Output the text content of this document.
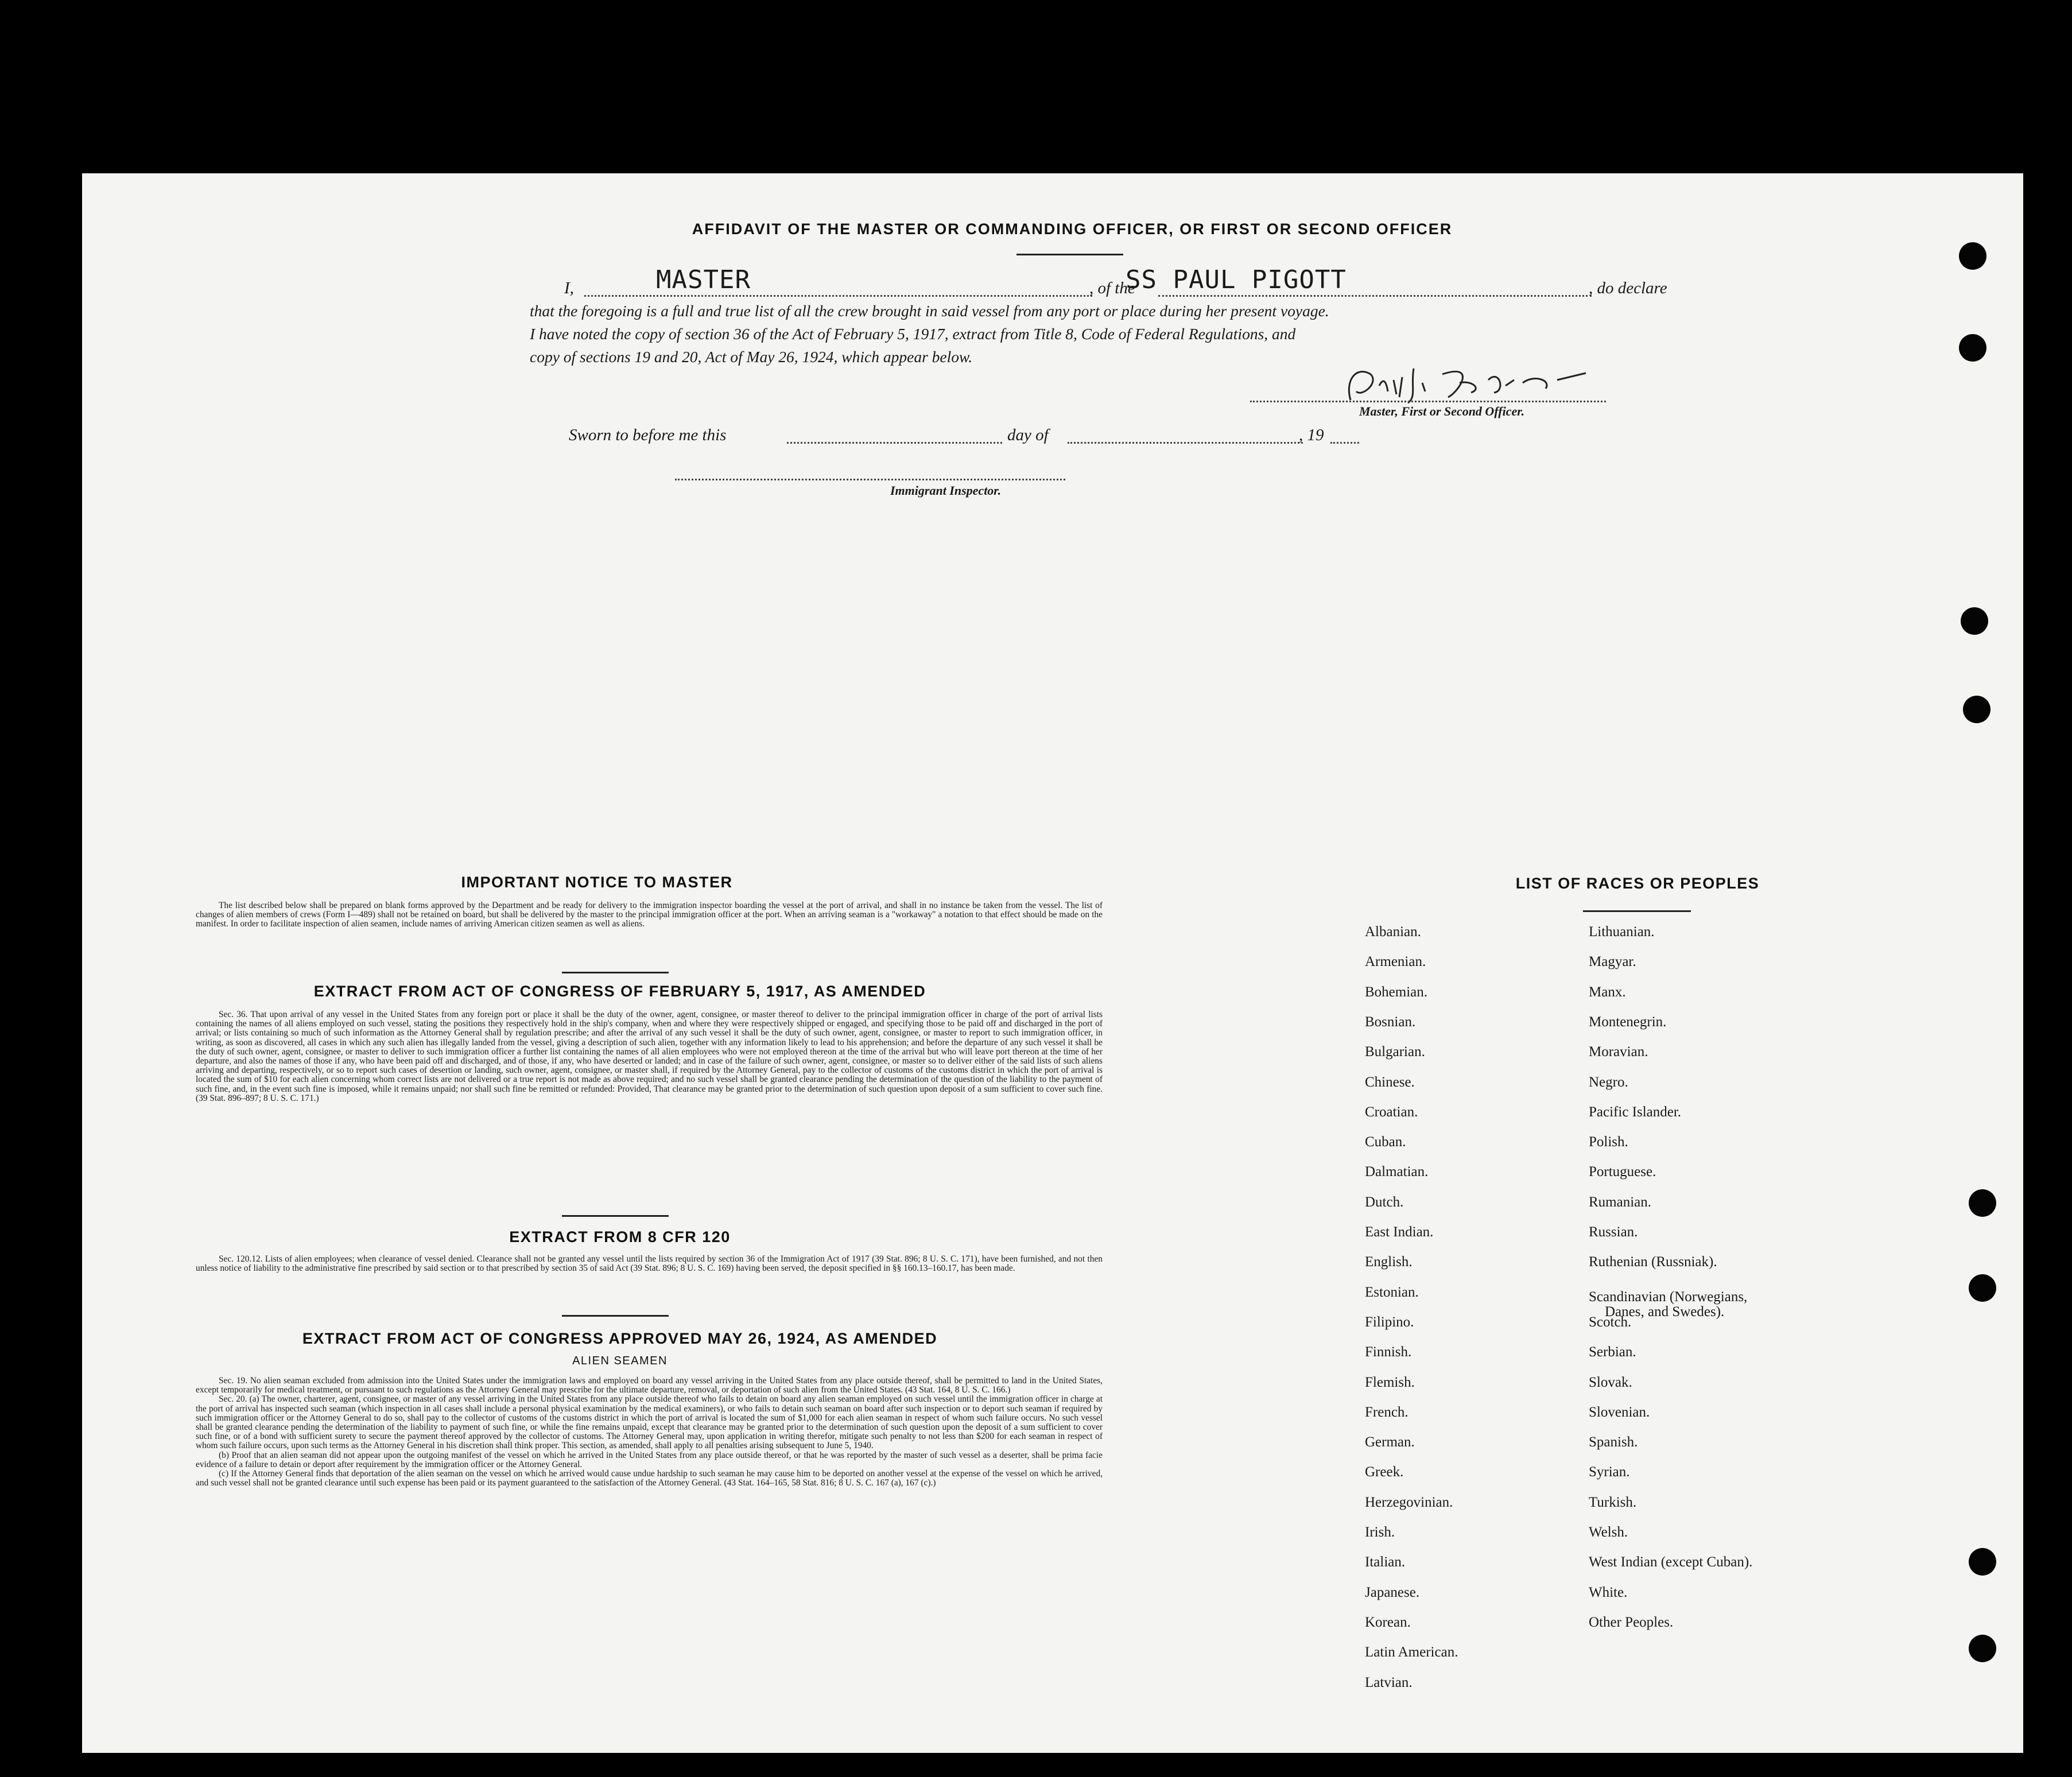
AFFIDAVIT OF THE MASTER OR COMMANDING OFFICER, OR FIRST OR SECOND OFFICER
I,	MASTER	, of the
SS PAUL PIGOTT	, do declare
that the foregoing is a full and true list of all the crew brought in said vessel from any port or place during her present voyage.
I have noted the copy of section 36 of the Act of February 5, 1917, extract from Title 8, Code of Federal Regulations, and
copy of sections 19 and 20, Act of May 26, 1924, which appear below.
Master, First or Second Officer.
Sworn to before me this	day of	, 19
Immigrant Inspector.
IMPORTANT NOTICE TO MASTER

The list described below shall be prepared on blank forms approved by the Department and be ready for delivery to the immigration inspector boarding the vessel at the port of arrival, and shall in no instance be taken from the vessel. The list of changes of alien members of crews (Form I—489) shall not be retained on board, but shall be delivered by the master to the principal immigration officer at the port. When an arriving seaman is a "workaway" a notation to that effect should be made on the manifest. In order to facilitate inspection of alien seamen, include names of arriving American citizen seamen as well as aliens.

EXTRACT FROM ACT OF CONGRESS OF FEBRUARY 5, 1917, AS AMENDED

Sec. 36. That upon arrival of any vessel in the United States from any foreign port or place it shall be the duty of the owner, agent, consignee, or master thereof to deliver to the principal immigration officer in charge of the port of arrival lists containing the names of all aliens employed on such vessel, stating the positions they respectively hold in the ship's company, when and where they were respectively shipped or engaged, and specifying those to be paid off and discharged in the port of arrival; or lists containing so much of such information as the Attorney General shall by regulation prescribe; and after the arrival of any such vessel it shall be the duty of such owner, agent, consignee, or master to report to such immigration officer, in writing, as soon as discovered, all cases in which any such alien has illegally landed from the vessel, giving a description of such alien, together with any information likely to lead to his apprehension; and before the departure of any such vessel it shall be the duty of such owner, agent, consignee, or master to deliver to such immigration officer a further list containing the names of all alien employees who were not employed thereon at the time of the arrival but who will leave port thereon at the time of her departure, and also the names of those if any, who have been paid off and discharged, and of those, if any, who have deserted or landed; and in case of the failure of such owner, agent, consignee, or master so to deliver either of the said lists of such aliens arriving and departing, respectively, or so to report such cases of desertion or landing, such owner, agent, consignee, or master shall, if required by the Attorney General, pay to the collector of customs of the customs district in which the port of arrival is located the sum of $10 for each alien concerning whom correct lists are not delivered or a true report is not made as above required; and no such vessel shall be granted clearance pending the determination of the question of the liability to the payment of such fine, and, in the event such fine is imposed, while it remains unpaid; nor shall such fine be remitted or refunded: Provided, That clearance may be granted prior to the determination of such question upon deposit of a sum sufficient to cover such fine. (39 Stat. 896–897; 8 U. S. C. 171.)

EXTRACT FROM 8 CFR 120

Sec. 120.12. Lists of alien employees; when clearance of vessel denied. Clearance shall not be granted any vessel until the lists required by section 36 of the Immigration Act of 1917 (39 Stat. 896; 8 U. S. C. 171), have been furnished, and not then unless notice of liability to the administrative fine prescribed by said section or to that prescribed by section 35 of said Act (39 Stat. 896; 8 U. S. C. 169) having been served, the deposit specified in §§ 160.13–160.17, has been made.

EXTRACT FROM ACT OF CONGRESS APPROVED MAY 26, 1924, AS AMENDED
ALIEN SEAMEN

Sec. 19. No alien seaman excluded from admission into the United States under the immigration laws and employed on board any vessel arriving in the United States from any place outside thereof, shall be permitted to land in the United States, except temporarily for medical treatment, or pursuant to such regulations as the Attorney General may prescribe for the ultimate departure, removal, or deportation of such alien from the United States. (43 Stat. 164, 8 U. S. C. 166.)

Sec. 20. (a) The owner, charterer, agent, consignee, or master of any vessel arriving in the United States from any place outside thereof who fails to detain on board any alien seaman employed on such vessel until the immigration officer in charge at the port of arrival has inspected such seaman (which inspection in all cases shall include a personal physical examination by the medical examiners), or who fails to detain such seaman on board after such inspection or to deport such seaman if required by such immigration officer or the Attorney General to do so, shall pay to the collector of customs of the customs district in which the port of arrival is located the sum of $1,000 for each alien seaman in respect of whom such failure occurs. No such vessel shall be granted clearance pending the determination of the liability to payment of such fine, or while the fine remains unpaid, except that clearance may be granted prior to the determination of such question upon the deposit of a sum sufficient to cover such fine, or of a bond with sufficient surety to secure the payment thereof approved by the collector of customs. The Attorney General may, upon application in writing therefor, mitigate such penalty to not less than $200 for each seaman in respect of whom such failure occurs, upon such terms as the Attorney General in his discretion shall think proper. This section, as amended, shall apply to all penalties arising subsequent to June 5, 1940.

(b) Proof that an alien seaman did not appear upon the outgoing manifest of the vessel on which he arrived in the United States from any place outside thereof, or that he was reported by the master of such vessel as a deserter, shall be prima facie evidence of a failure to detain or deport after requirement by the immigration officer or the Attorney General.

(c) If the Attorney General finds that deportation of the alien seaman on the vessel on which he arrived would cause undue hardship to such seaman he may cause him to be deported on another vessel at the expense of the vessel on which he arrived, and such vessel shall not be granted clearance until such expense has been paid or its payment guaranteed to the satisfaction of the Attorney General. (43 Stat. 164–165, 58 Stat. 816; 8 U. S. C. 167 (a), 167 (c).)

LIST OF RACES OR PEOPLES
Albanian.
Armenian.
Bohemian.
Bosnian.
Bulgarian.
Chinese.
Croatian.
Cuban.
Dalmatian.
Dutch.
East Indian.
English.
Estonian.
Filipino.
Finnish.
Flemish.
French.
German.
Greek.
Herzegovinian.
Irish.
Italian.
Japanese.
Korean.
Latin American.
Latvian.
Lithuanian.
Magyar.
Manx.
Montenegrin.
Moravian.
Negro.
Pacific Islander.
Polish.
Portuguese.
Rumanian.
Russian.
Ruthenian (Russniak).
Scandinavian (Norwegians,
Danes, and Swedes).
Scotch.
Serbian.
Slovak.
Slovenian.
Spanish.
Syrian.
Turkish.
Welsh.
West Indian (except Cuban).
White.
Other Peoples.
